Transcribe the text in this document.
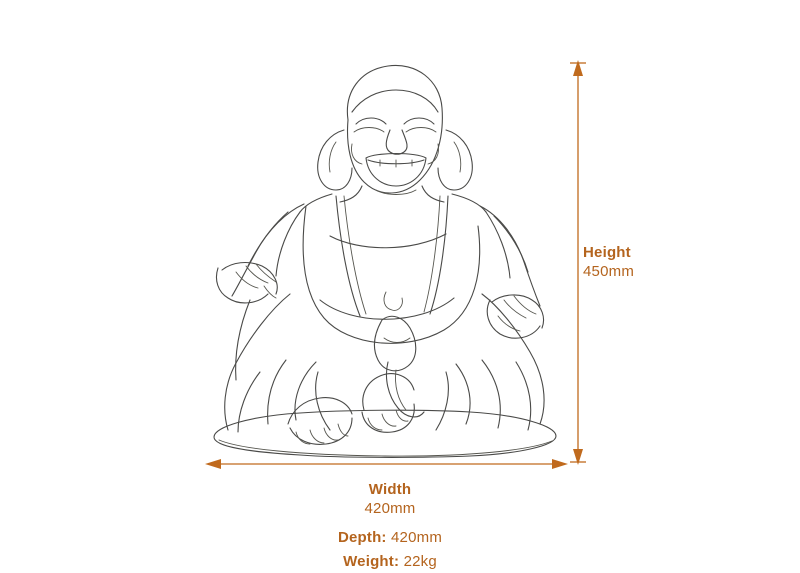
Height
450mm
Width
420mm
Depth: 420mm
Weight: 22kg
